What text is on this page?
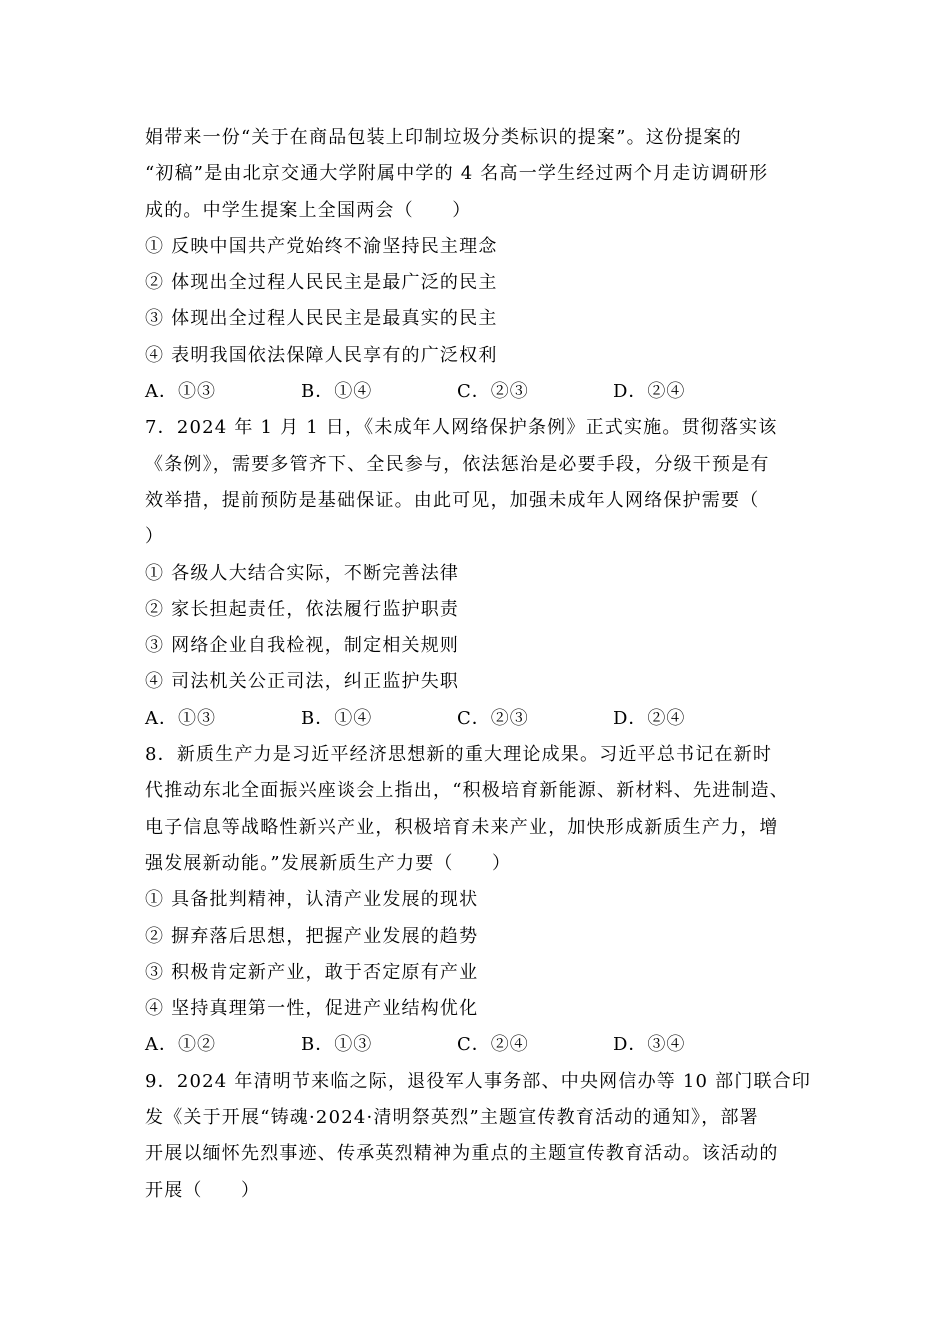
娟带来一份“关于在商品包装上印制垃圾分类标识的提案”。这份提案的
“初稿”是由北京交通大学附属中学的 4 名高一学生经过两个月走访调研形
成的。中学生提案上全国两会（　　）
① 反映中国共产党始终不渝坚持民主理念
② 体现出全过程人民民主是最广泛的民主
③ 体现出全过程人民民主是最真实的民主
④ 表明我国依法保障人民享有的广泛权利
A．①③	B．①④	C．②③	D．②④
7．2024 年 1 月 1 日，《未成年人网络保护条例》正式实施。贯彻落实该
《条例》，需要多管齐下、全民参与，依法惩治是必要手段，分级干预是有
效举措，提前预防是基础保证。由此可见，加强未成年人网络保护需要（
）
① 各级人大结合实际，不断完善法律
② 家长担起责任，依法履行监护职责
③ 网络企业自我检视，制定相关规则
④ 司法机关公正司法，纠正监护失职
A．①③	B．①④	C．②③	D．②④
8．新质生产力是习近平经济思想新的重大理论成果。习近平总书记在新时
代推动东北全面振兴座谈会上指出，“积极培育新能源、新材料、先进制造、
电子信息等战略性新兴产业，积极培育未来产业，加快形成新质生产力，增
强发展新动能。”发展新质生产力要（　　）
① 具备批判精神，认清产业发展的现状
② 摒弃落后思想，把握产业发展的趋势
③ 积极肯定新产业，敢于否定原有产业
④ 坚持真理第一性，促进产业结构优化
A．①②	B．①③	C．②④	D．③④
9．2024 年清明节来临之际，退役军人事务部、中央网信办等 10 部门联合印
发《关于开展“铸魂·2024·清明祭英烈”主题宣传教育活动的通知》，部署
开展以缅怀先烈事迹、传承英烈精神为重点的主题宣传教育活动。该活动的
开展（　　）
